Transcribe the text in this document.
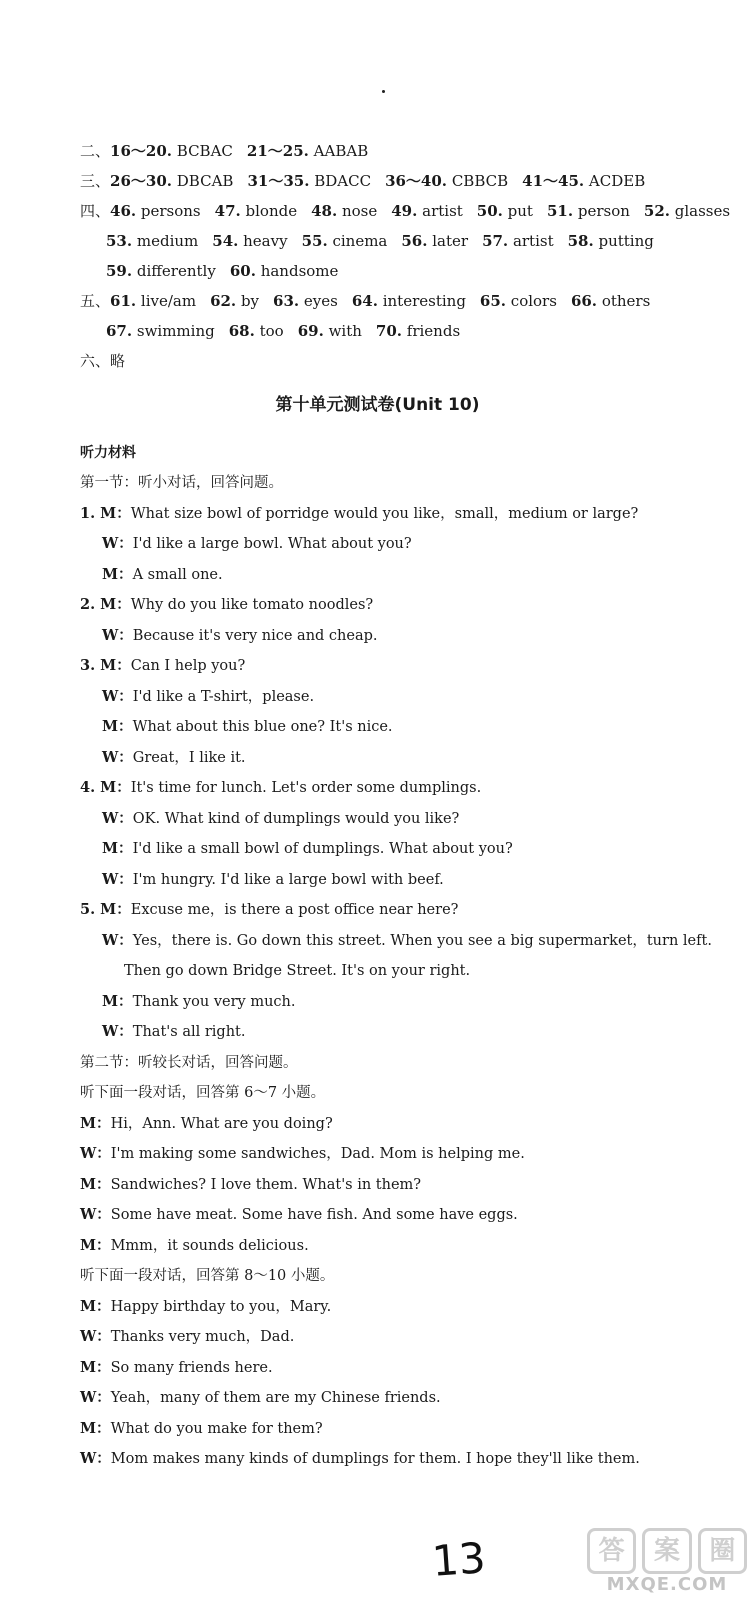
二、16～20. BCBAC 21～25. AABAB
三、26～30. DBCAB 31～35. BDACC 36～40. CBBCB 41～45. ACDEB
四、46. persons 47. blonde 48. nose 49. artist 50. put 51. person 52. glasses
53. medium 54. heavy 55. cinema 56. later 57. artist 58. putting
59. differently 60. handsome
五、61. live/am 62. by 63. eyes 64. interesting 65. colors 66. others
67. swimming 68. too 69. with 70. friends
六、略
第十单元测试卷(Unit 10)
听力材料
第一节：听小对话，回答问题。
1. M：What size bowl of porridge would you like，small，medium or large?
W：I'd like a large bowl. What about you?
M：A small one.
2. M：Why do you like tomato noodles?
W：Because it's very nice and cheap.
3. M：Can I help you?
W：I'd like a T-shirt，please.
M：What about this blue one? It's nice.
W：Great，I like it.
4. M：It's time for lunch. Let's order some dumplings.
W：OK. What kind of dumplings would you like?
M：I'd like a small bowl of dumplings. What about you?
W：I'm hungry. I'd like a large bowl with beef.
5. M：Excuse me，is there a post office near here?
W：Yes，there is. Go down this street. When you see a big supermarket，turn left.
Then go down Bridge Street. It's on your right.
M：Thank you very much.
W：That's all right.
第二节：听较长对话，回答问题。
听下面一段对话，回答第 6～7 小题。
M：Hi，Ann. What are you doing?
W：I'm making some sandwiches，Dad. Mom is helping me.
M：Sandwiches? I love them. What's in them?
W：Some have meat. Some have fish. And some have eggs.
M：Mmm，it sounds delicious.
听下面一段对话，回答第 8～10 小题。
M：Happy birthday to you，Mary.
W：Thanks very much，Dad.
M：So many friends here.
W：Yeah，many of them are my Chinese friends.
M：What do you make for them?
W：Mom makes many kinds of dumplings for them. I hope they'll like them.
13	答	案	圈
MXQE.COM
